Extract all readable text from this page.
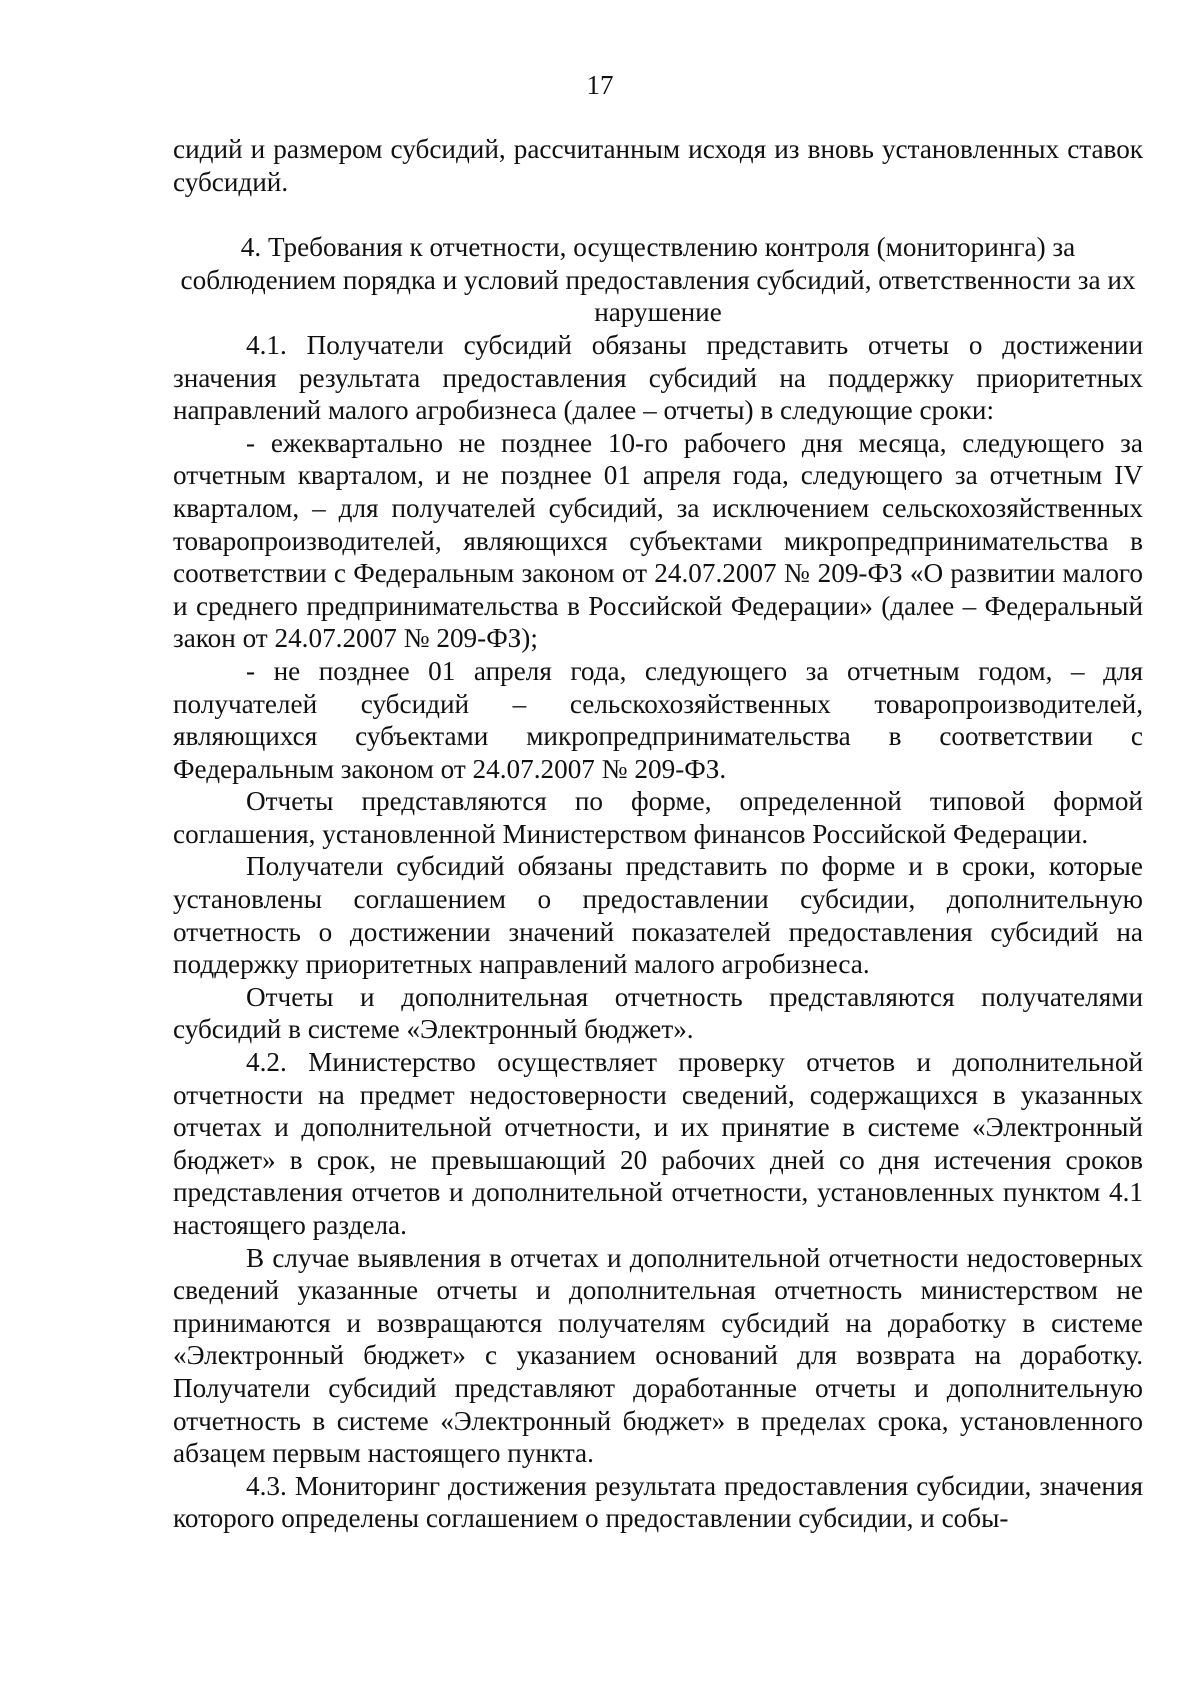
17

сидий и размером субсидий, рассчитанным исходя из вновь установленных ставок субсидий.

4. Требования к отчетности, осуществлению контроля (мониторинга) за соблюдением порядка и условий предоставления субсидий, ответственности за их нарушение

4.1. Получатели субсидий обязаны представить отчеты о достижении значения результата предоставления субсидий на поддержку приоритетных направлений малого агробизнеса (далее – отчеты) в следующие сроки:

- ежеквартально не позднее 10-го рабочего дня месяца, следующего за отчетным кварталом, и не позднее 01 апреля года, следующего за отчетным IV кварталом, – для получателей субсидий, за исключением сельскохозяйственных товаропроизводителей, являющихся субъектами микропредпринимательства в соответствии с Федеральным законом от 24.07.2007 № 209-ФЗ «О развитии малого и среднего предпринимательства в Российской Федерации» (далее – Федеральный закон от 24.07.2007 № 209-ФЗ);

- не позднее 01 апреля года, следующего за отчетным годом, – для получателей субсидий – сельскохозяйственных товаропроизводителей, являющихся субъектами микропредпринимательства в соответствии с Федеральным законом от 24.07.2007 № 209-ФЗ.

Отчеты представляются по форме, определенной типовой формой соглашения, установленной Министерством финансов Российской Федерации.

Получатели субсидий обязаны представить по форме и в сроки, которые установлены соглашением о предоставлении субсидии, дополнительную отчетность о достижении значений показателей предоставления субсидий на поддержку приоритетных направлений малого агробизнеса.

Отчеты и дополнительная отчетность представляются получателями субсидий в системе «Электронный бюджет».

4.2. Министерство осуществляет проверку отчетов и дополнительной отчетности на предмет недостоверности сведений, содержащихся в указанных отчетах и дополнительной отчетности, и их принятие в системе «Электронный бюджет» в срок, не превышающий 20 рабочих дней со дня истечения сроков представления отчетов и дополнительной отчетности, установленных пунктом 4.1 настоящего раздела.

В случае выявления в отчетах и дополнительной отчетности недостоверных сведений указанные отчеты и дополнительная отчетность министерством не принимаются и возвращаются получателям субсидий на доработку в системе «Электронный бюджет» с указанием оснований для возврата на доработку. Получатели субсидий представляют доработанные отчеты и дополнительную отчетность в системе «Электронный бюджет» в пределах срока, установленного абзацем первым настоящего пункта.

4.3. Мониторинг достижения результата предоставления субсидии, значения которого определены соглашением о предоставлении субсидии, и собы-
